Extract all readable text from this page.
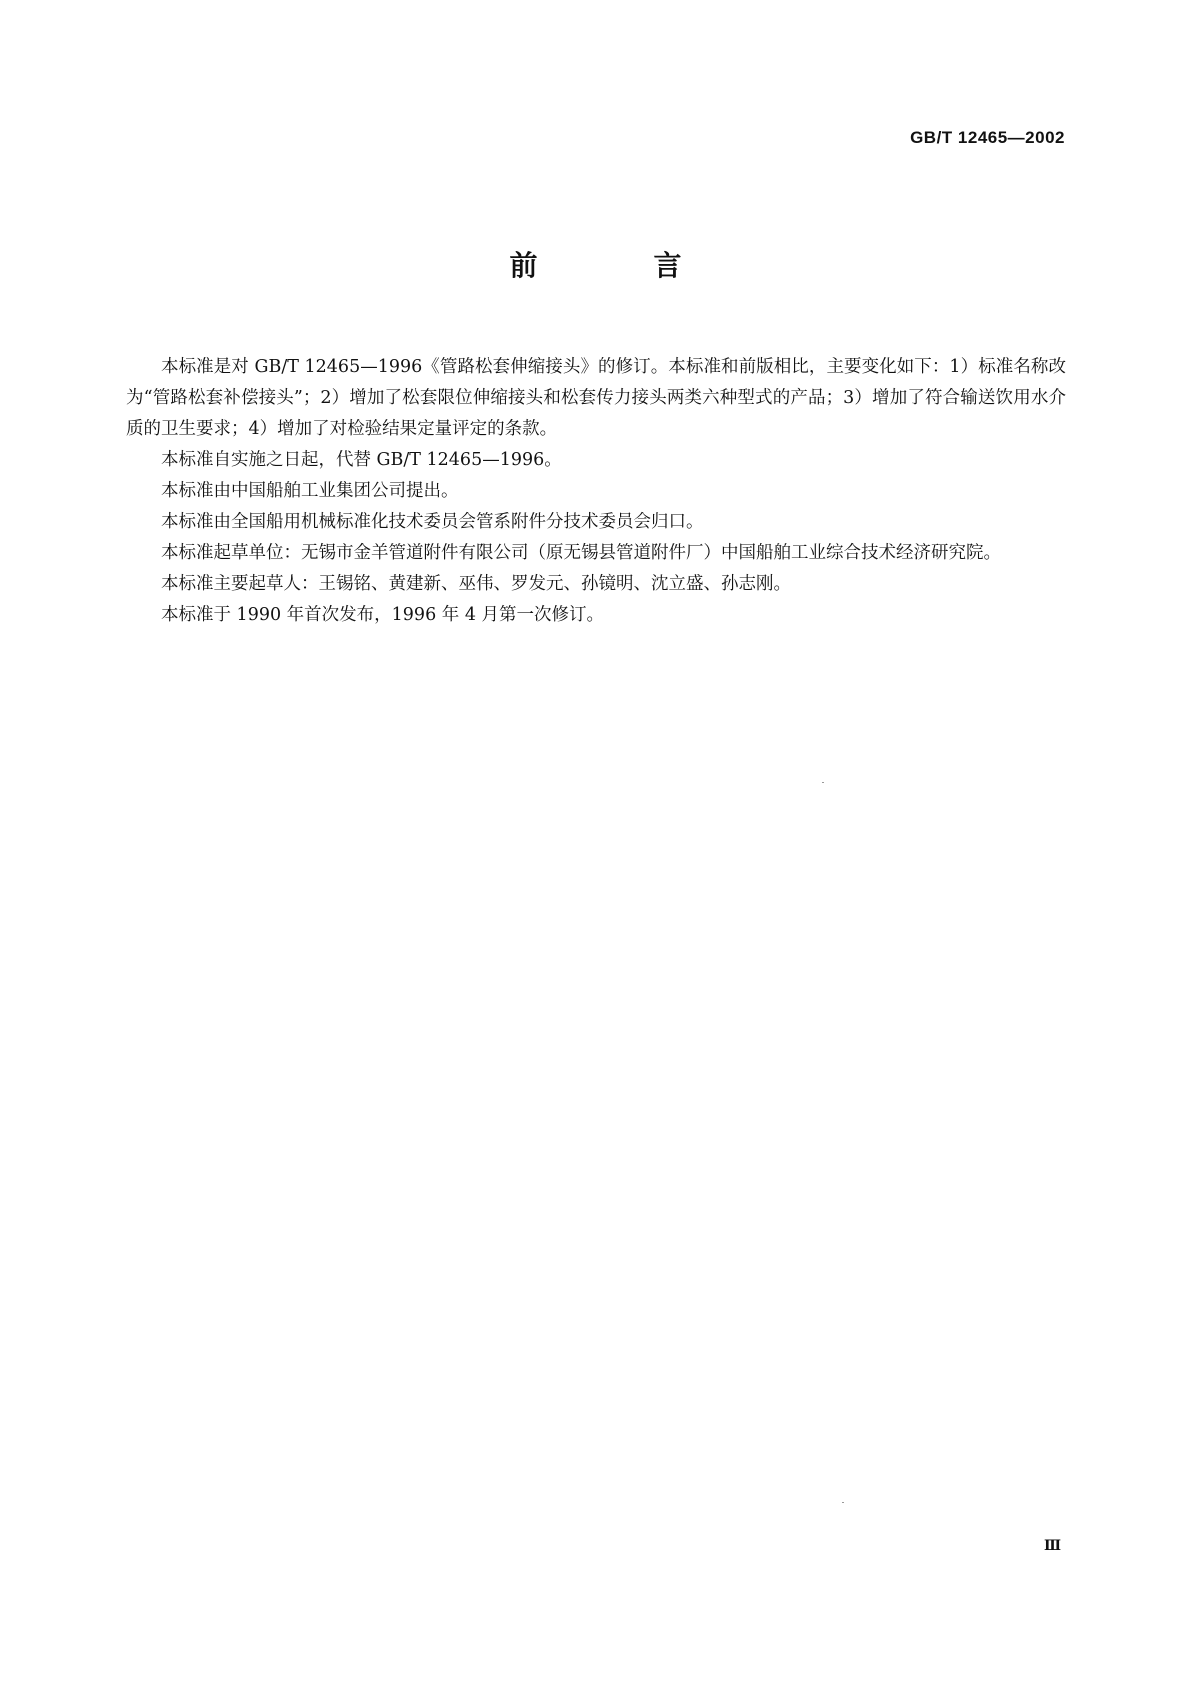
GB/T 12465—2002
前　言

本标准是对 GB/T 12465—1996《管路松套伸缩接头》的修订。本标准和前版相比，主要变化如下：1）标准名称改为“管路松套补偿接头”；2）增加了松套限位伸缩接头和松套传力接头两类六种型式的产品；3）增加了符合输送饮用水介质的卫生要求；4）增加了对检验结果定量评定的条款。

本标准自实施之日起，代替 GB/T 12465—1996。

本标准由中国船舶工业集团公司提出。

本标准由全国船用机械标准化技术委员会管系附件分技术委员会归口。

本标准起草单位：无锡市金羊管道附件有限公司（原无锡县管道附件厂）中国船舶工业综合技术经济研究院。

本标准主要起草人：王锡铭、黄建新、巫伟、罗发元、孙镜明、沈立盛、孙志刚。

本标准于 1990 年首次发布，1996 年 4 月第一次修订。

Ⅲ
